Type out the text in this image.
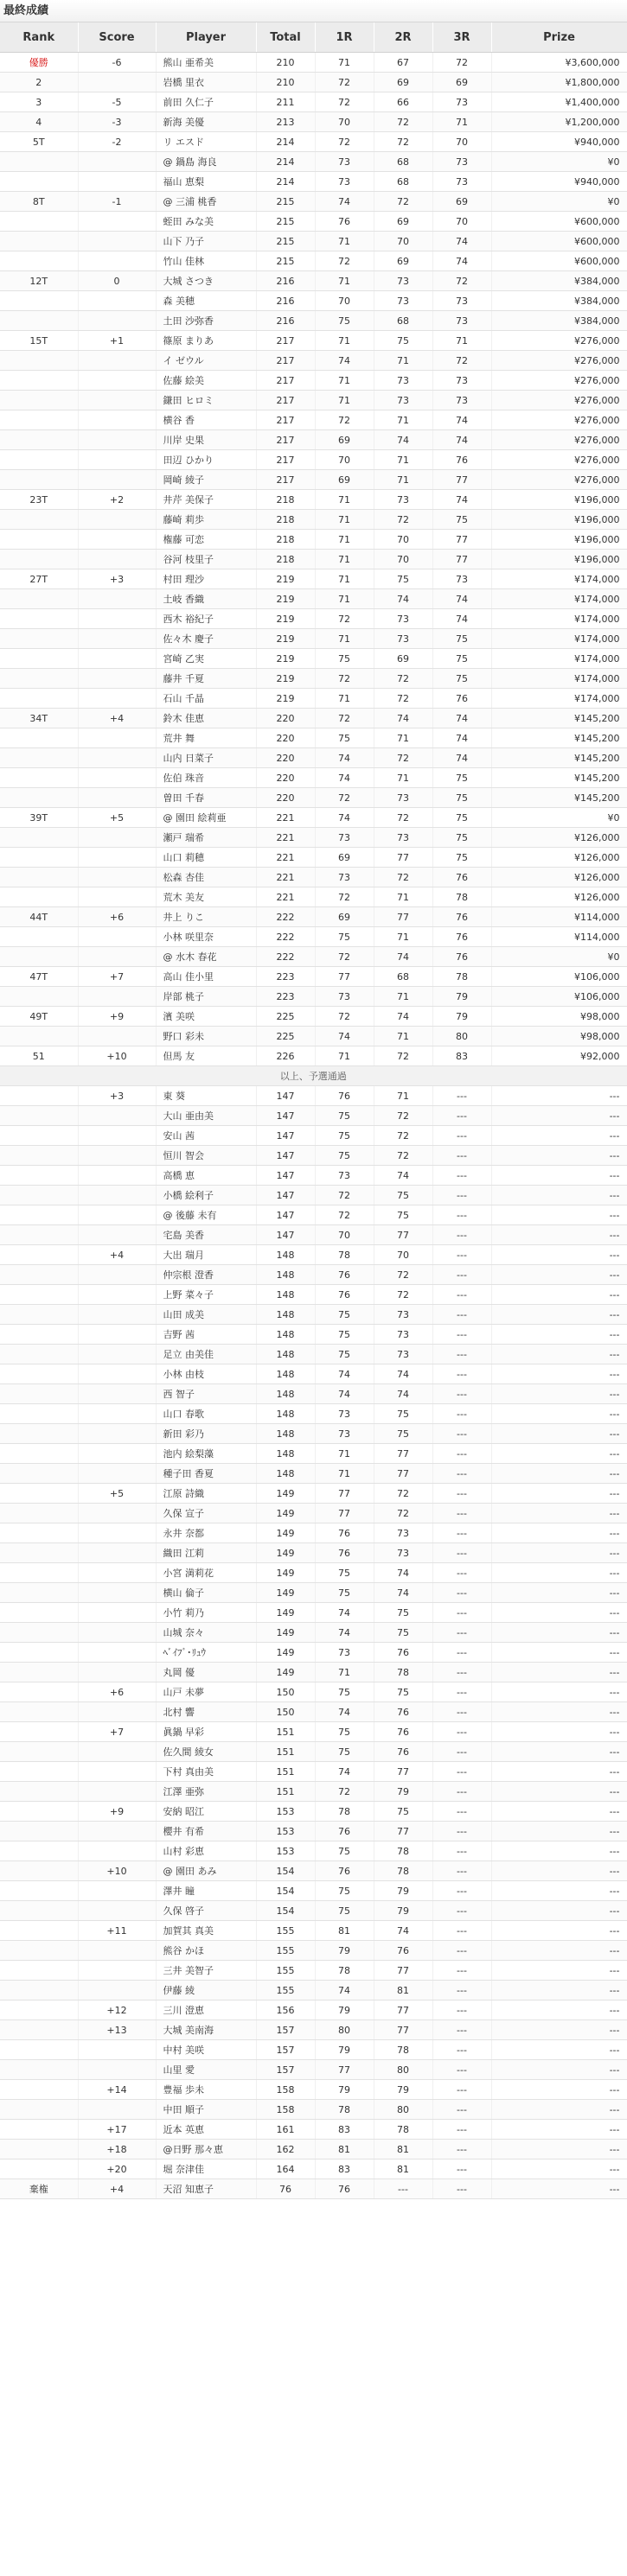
最終成績
Rank	Score	Player	Total	1R	2R	3R	Prize
優勝	-6	熊山 亜希美	210	71	67	72	¥3,600,000
2		岩橋 里衣	210	72	69	69	¥1,800,000
3	-5	前田 久仁子	211	72	66	73	¥1,400,000
4	-3	新海 美優	213	70	72	71	¥1,200,000
5T	-2	リ エスド	214	72	72	70	¥940,000
		@ 鍋島 海良	214	73	68	73	¥0
		福山 恵梨	214	73	68	73	¥940,000
8T	-1	@ 三浦 桃香	215	74	72	69	¥0
		蛭田 みな美	215	76	69	70	¥600,000
		山下 乃子	215	71	70	74	¥600,000
		竹山 佳林	215	72	69	74	¥600,000
12T	0	大城 さつき	216	71	73	72	¥384,000
		森 美穂	216	70	73	73	¥384,000
		土田 沙弥香	216	75	68	73	¥384,000
15T	+1	篠原 まりあ	217	71	75	71	¥276,000
		イ ゼウル	217	74	71	72	¥276,000
		佐藤 絵美	217	71	73	73	¥276,000
		鎌田 ヒロミ	217	71	73	73	¥276,000
		横谷 香	217	72	71	74	¥276,000
		川岸 史果	217	69	74	74	¥276,000
		田辺 ひかり	217	70	71	76	¥276,000
		岡崎 綾子	217	69	71	77	¥276,000
23T	+2	井芹 美保子	218	71	73	74	¥196,000
		藤崎 莉歩	218	71	72	75	¥196,000
		権藤 可恋	218	71	70	77	¥196,000
		谷河 枝里子	218	71	70	77	¥196,000
27T	+3	村田 理沙	219	71	75	73	¥174,000
		土岐 香織	219	71	74	74	¥174,000
		西木 裕紀子	219	72	73	74	¥174,000
		佐々木 慶子	219	71	73	75	¥174,000
		宮崎 乙実	219	75	69	75	¥174,000
		藤井 千夏	219	72	72	75	¥174,000
		石山 千晶	219	71	72	76	¥174,000
34T	+4	鈴木 佳恵	220	72	74	74	¥145,200
		荒井 舞	220	75	71	74	¥145,200
		山内 日菜子	220	74	72	74	¥145,200
		佐伯 珠音	220	74	71	75	¥145,200
		曽田 千春	220	72	73	75	¥145,200
39T	+5	@ 園田 絵莉亜	221	74	72	75	¥0
		瀬戸 瑞希	221	73	73	75	¥126,000
		山口 莉穂	221	69	77	75	¥126,000
		松森 杏佳	221	73	72	76	¥126,000
		荒木 美友	221	72	71	78	¥126,000
44T	+6	井上 りこ	222	69	77	76	¥114,000
		小林 咲里奈	222	75	71	76	¥114,000
		@ 水木 春花	222	72	74	76	¥0
47T	+7	高山 佳小里	223	77	68	78	¥106,000
		岸部 桃子	223	73	71	79	¥106,000
49T	+9	濱 美咲	225	72	74	79	¥98,000
		野口 彩未	225	74	71	80	¥98,000
51	+10	但馬 友	226	71	72	83	¥92,000
以上、予選通過							
	+3	東 葵	147	76	71	---	---
		大山 亜由美	147	75	72	---	---
		安山 茜	147	75	72	---	---
		恒川 智会	147	75	72	---	---
		高橋 恵	147	73	74	---	---
		小橋 絵利子	147	72	75	---	---
		@ 後藤 未有	147	72	75	---	---
		宅島 美香	147	70	77	---	---
	+4	大出 瑞月	148	78	70	---	---
		仲宗根 澄香	148	76	72	---	---
		上野 菜々子	148	76	72	---	---
		山田 成美	148	75	73	---	---
		吉野 茜	148	75	73	---	---
		足立 由美佳	148	75	73	---	---
		小林 由枝	148	74	74	---	---
		西 智子	148	74	74	---	---
		山口 春歌	148	73	75	---	---
		新田 彩乃	148	73	75	---	---
		池内 絵梨藻	148	71	77	---	---
		種子田 香夏	148	71	77	---	---
	+5	江原 詩織	149	77	72	---	---
		久保 宣子	149	77	72	---	---
		永井 奈都	149	76	73	---	---
		織田 江莉	149	76	73	---	---
		小宮 満莉花	149	75	74	---	---
		横山 倫子	149	75	74	---	---
		小竹 莉乃	149	74	75	---	---
		山城 奈々	149	74	75	---	---
		ﾍﾞｲﾌﾞ･ﾘｭｳ	149	73	76	---	---
		丸岡 優	149	71	78	---	---
	+6	山戸 未夢	150	75	75	---	---
		北村 響	150	74	76	---	---
	+7	眞鍋 早彩	151	75	76	---	---
		佐久間 綾女	151	75	76	---	---
		下村 真由美	151	74	77	---	---
		江澤 亜弥	151	72	79	---	---
	+9	安納 昭江	153	78	75	---	---
		櫻井 有希	153	76	77	---	---
		山村 彩恵	153	75	78	---	---
	+10	@ 園田 あみ	154	76	78	---	---
		澤井 瞳	154	75	79	---	---
		久保 啓子	154	75	79	---	---
	+11	加賀其 真美	155	81	74	---	---
		熊谷 かほ	155	79	76	---	---
		三井 美智子	155	78	77	---	---
		伊藤 綾	155	74	81	---	---
	+12	三川 澄恵	156	79	77	---	---
	+13	大城 美南海	157	80	77	---	---
		中村 美咲	157	79	78	---	---
		山里 愛	157	77	80	---	---
	+14	豊福 歩未	158	79	79	---	---
		中田 順子	158	78	80	---	---
	+17	近本 英恵	161	83	78	---	---
	+18	@日野 那々恵	162	81	81	---	---
	+20	堀 奈津佳	164	83	81	---	---
棄権	+4	天沼 知恵子	76	76	---	---	---
